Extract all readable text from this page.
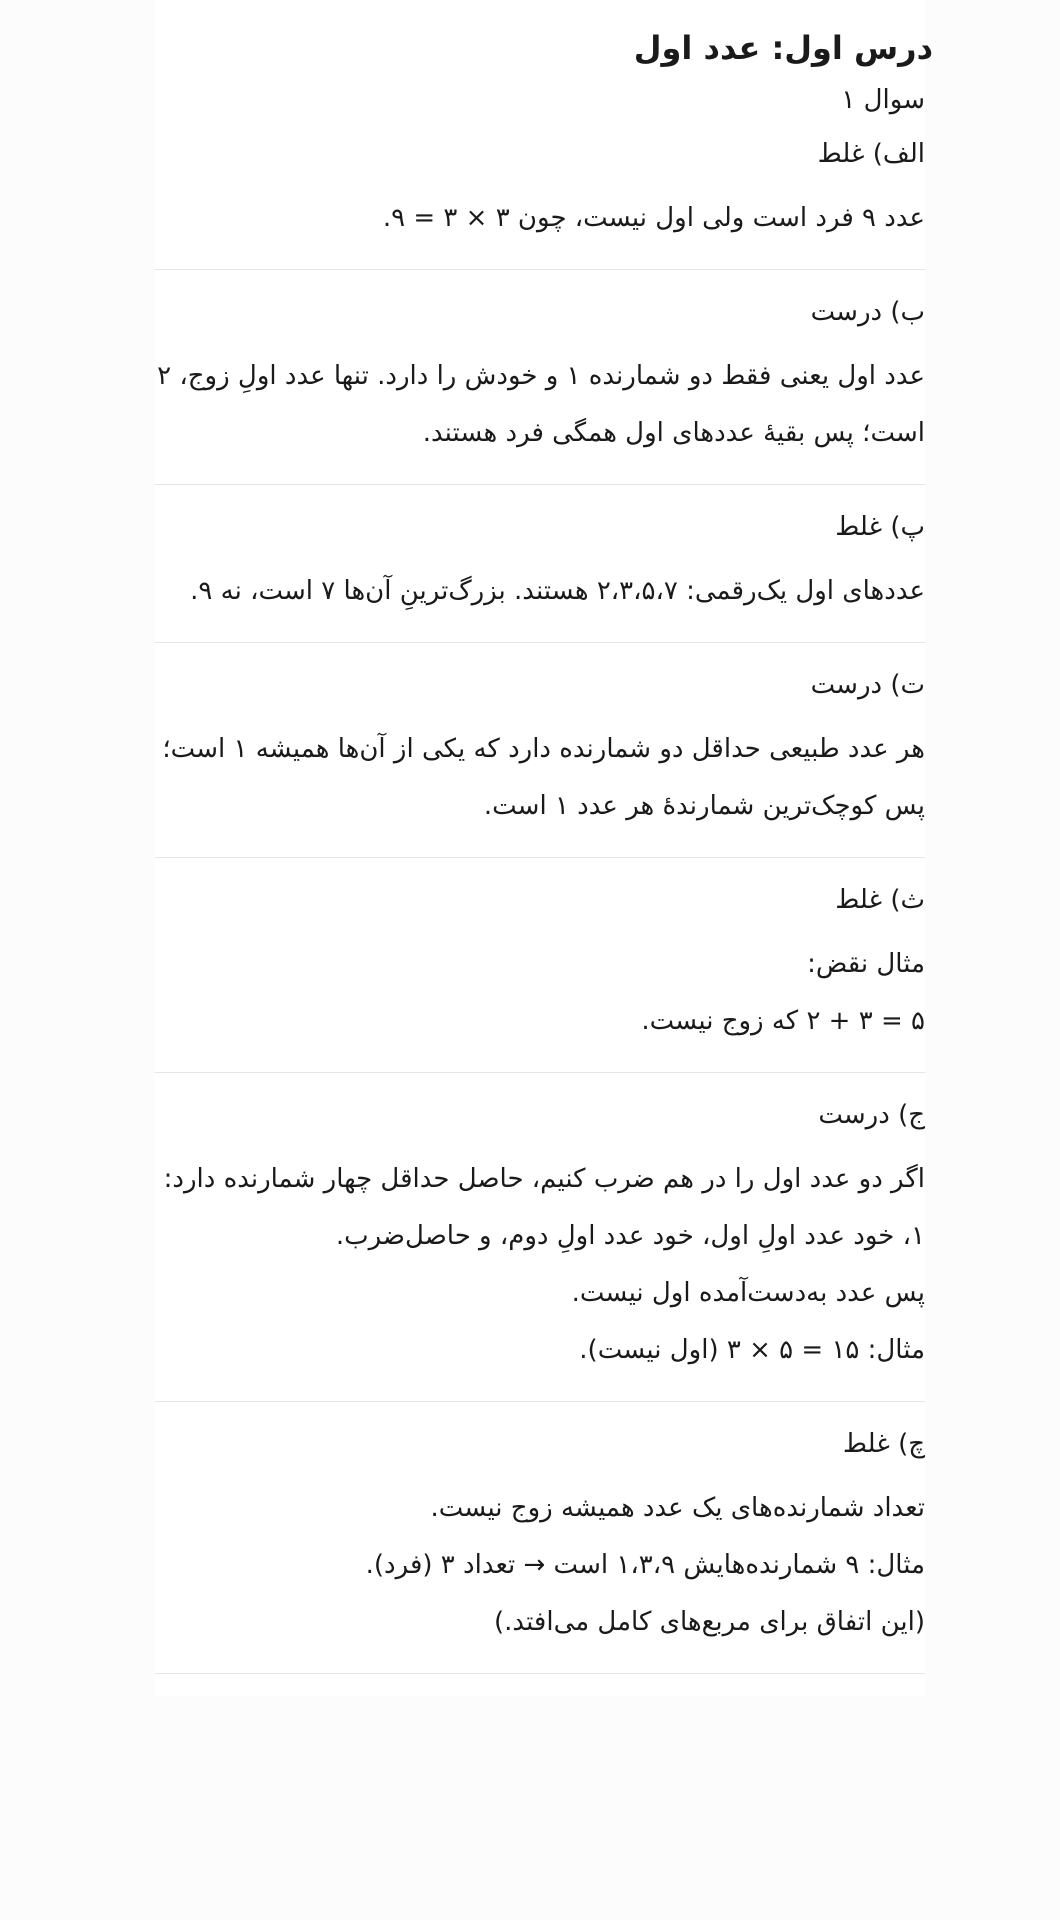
درس اول: عدد اول
سوال ۱
الف) غلط

عدد ۹ فرد است ولی اول نیست، چون ۳ × ۳ = ۹.

ب) درست

عدد اول یعنی فقط دو شمارنده ۱ و خودش را دارد. تنها عدد اولِ زوج، ۲ است؛ پس بقیهٔ عددهای اول همگی فرد هستند.

پ) غلط

عددهای اول یک‌رقمی: ۲،۳،۵،۷ هستند. بزرگ‌ترینِ آن‌ها ۷ است، نه ۹.

ت) درست

هر عدد طبیعی حداقل دو شمارنده دارد که یکی از آن‌ها همیشه ۱ است؛ پس کوچک‌ترین شمارندهٔ هر عدد ۱ است.

ث) غلط

مثال نقض:

۵ = ۳ + ۲ که زوج نیست.

ج) درست

اگر دو عدد اول را در هم ضرب کنیم، حاصل حداقل چهار شمارنده دارد:

۱، خود عدد اولِ اول، خود عدد اولِ دوم، و حاصل‌ضرب.

پس عدد به‌دست‌آمده اول نیست.

مثال: ۱۵ = ۵ × ۳ (اول نیست).

چ) غلط

تعداد شمارنده‌های یک عدد همیشه زوج نیست.

مثال: ۹ شمارنده‌هایش ۱،۳،۹ است → تعداد ۳ (فرد).

(این اتفاق برای مربع‌های کامل می‌افتد.)
